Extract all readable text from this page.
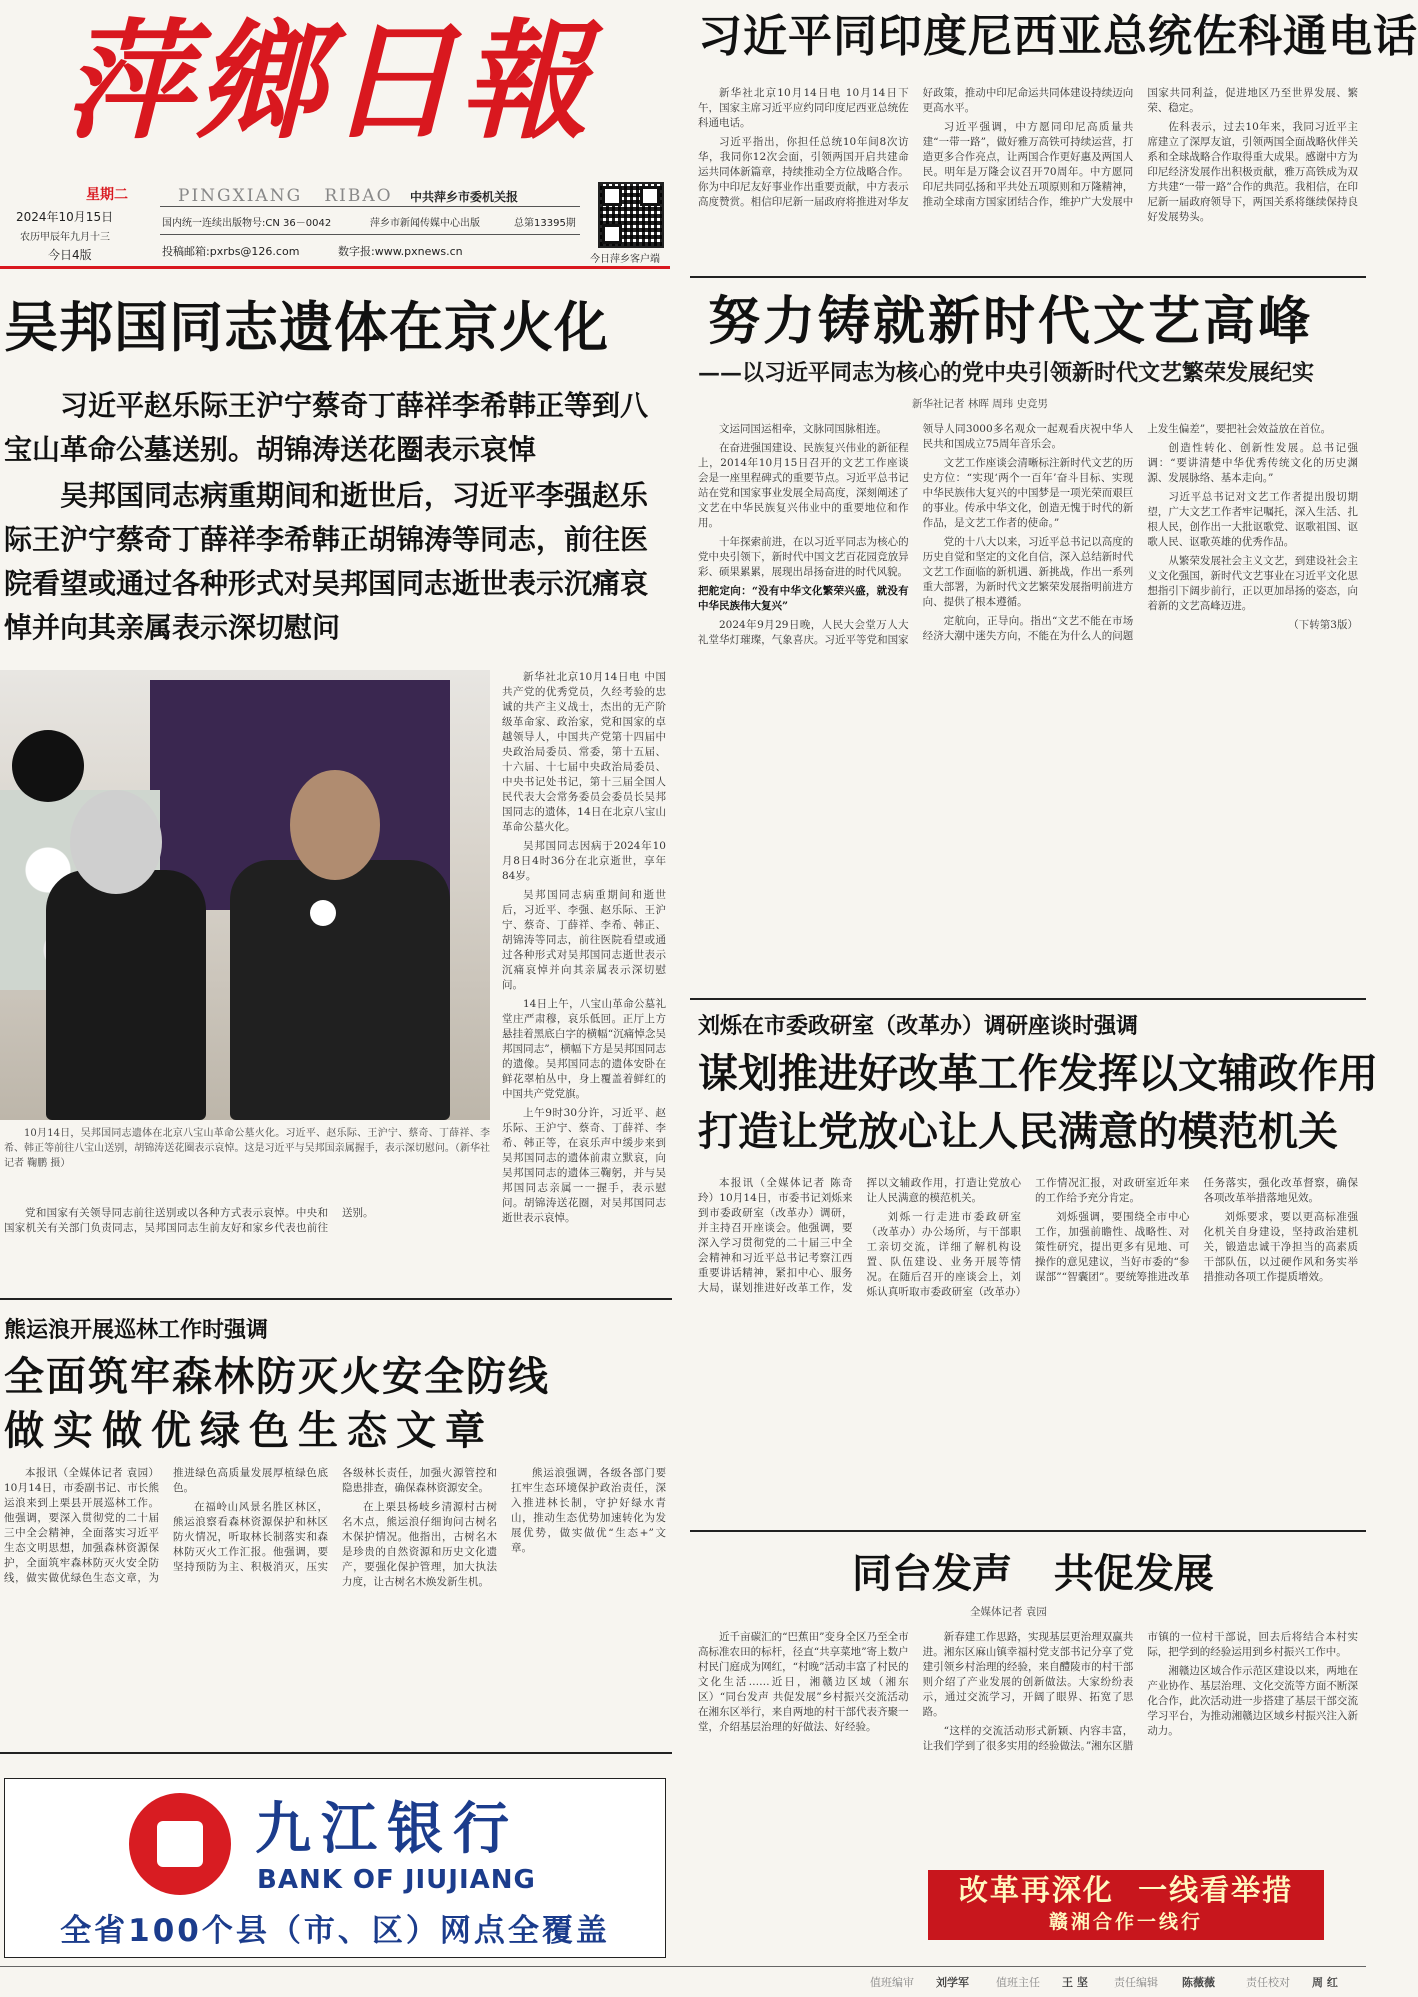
萍鄉日報
星期二
2024年10月15日
农历甲辰年九月十三
今日4版
PINGXIANG   RIBAO 中共萍乡市委机关报
国内统一连续出版物号:CN 36－0042	萍乡市新闻传媒中心出版	总第13395期
投稿邮箱:pxrbs@126.com	数字报:www.pxnews.cn
今日萍乡客户端
习近平同印度尼西亚总统佐科通电话

新华社北京10月14日电 10月14日下午，国家主席习近平应约同印度尼西亚总统佐科通电话。

习近平指出，你担任总统10年间8次访华，我同你12次会面，引领两国开启共建命运共同体新篇章，持续推动全方位战略合作。你为中印尼友好事业作出重要贡献，中方表示高度赞赏。相信印尼新一届政府将推进对华友好政策，推动中印尼命运共同体建设持续迈向更高水平。

习近平强调，中方愿同印尼高质量共建“一带一路”，做好雅万高铁可持续运营，打造更多合作亮点，让两国合作更好惠及两国人民。明年是万隆会议召开70周年。中方愿同印尼共同弘扬和平共处五项原则和万隆精神，推动全球南方国家团结合作，维护广大发展中国家共同利益，促进地区乃至世界发展、繁荣、稳定。

佐科表示，过去10年来，我同习近平主席建立了深厚友谊，引领两国全面战略伙伴关系和全球战略合作取得重大成果。感谢中方为印尼经济发展作出积极贡献，雅万高铁成为双方共建“一带一路”合作的典范。我相信，在印尼新一届政府领导下，两国关系将继续保持良好发展势头。

吴邦国同志遗体在京火化
习近平赵乐际王沪宁蔡奇丁薛祥李希韩正等到八宝山革命公墓送别。胡锦涛送花圈表示哀悼
吴邦国同志病重期间和逝世后，习近平李强赵乐际王沪宁蔡奇丁薛祥李希韩正胡锦涛等同志，前往医院看望或通过各种形式对吴邦国同志逝世表示沉痛哀悼并向其亲属表示深切慰问

新华社北京10月14日电 中国共产党的优秀党员，久经考验的忠诚的共产主义战士，杰出的无产阶级革命家、政治家，党和国家的卓越领导人，中国共产党第十四届中央政治局委员、常委，第十五届、十六届、十七届中央政治局委员、中央书记处书记，第十三届全国人民代表大会常务委员会委员长吴邦国同志的遗体，14日在北京八宝山革命公墓火化。

吴邦国同志因病于2024年10月8日4时36分在北京逝世，享年84岁。

吴邦国同志病重期间和逝世后，习近平、李强、赵乐际、王沪宁、蔡奇、丁薛祥、李希、韩正、胡锦涛等同志，前往医院看望或通过各种形式对吴邦国同志逝世表示沉痛哀悼并向其亲属表示深切慰问。

14日上午，八宝山革命公墓礼堂庄严肃穆，哀乐低回。正厅上方悬挂着黑底白字的横幅“沉痛悼念吴邦国同志”，横幅下方是吴邦国同志的遗像。吴邦国同志的遗体安卧在鲜花翠柏丛中，身上覆盖着鲜红的中国共产党党旗。

上午9时30分许，习近平、赵乐际、王沪宁、蔡奇、丁薛祥、李希、韩正等，在哀乐声中缓步来到吴邦国同志的遗体前肃立默哀，向吴邦国同志的遗体三鞠躬，并与吴邦国同志亲属一一握手，表示慰问。胡锦涛送花圈，对吴邦国同志逝世表示哀悼。

10月14日，吴邦国同志遗体在北京八宝山革命公墓火化。习近平、赵乐际、王沪宁、蔡奇、丁薛祥、李希、韩正等前往八宝山送别，胡锦涛送花圈表示哀悼。这是习近平与吴邦国亲属握手，表示深切慰问。（新华社记者 鞠鹏 摄）
党和国家有关领导同志前往送别或以各种方式表示哀悼。中央和国家机关有关部门负责同志，吴邦国同志生前友好和家乡代表也前往送别。
努力铸就新时代文艺高峰
——以习近平同志为核心的党中央引领新时代文艺繁荣发展纪实
新华社记者 林晖 周玮 史竞男

文运同国运相牵，文脉同国脉相连。

在奋进强国建设、民族复兴伟业的新征程上，2014年10月15日召开的文艺工作座谈会是一座里程碑式的重要节点。习近平总书记站在党和国家事业发展全局高度，深刻阐述了文艺在中华民族复兴伟业中的重要地位和作用。

十年探索前进，在以习近平同志为核心的党中央引领下，新时代中国文艺百花园竞放异彩、硕果累累，展现出昂扬奋进的时代风貌。

把舵定向：“没有中华文化繁荣兴盛，就没有中华民族伟大复兴”

2024年9月29日晚，人民大会堂万人大礼堂华灯璀璨，气象喜庆。习近平等党和国家领导人同3000多名观众一起观看庆祝中华人民共和国成立75周年音乐会。

文艺工作座谈会清晰标注新时代文艺的历史方位：“实现‘两个一百年’奋斗目标、实现中华民族伟大复兴的中国梦是一项光荣而艰巨的事业。传承中华文化，创造无愧于时代的新作品，是文艺工作者的使命。”

党的十八大以来，习近平总书记以高度的历史自觉和坚定的文化自信，深入总结新时代文艺工作面临的新机遇、新挑战，作出一系列重大部署，为新时代文艺繁荣发展指明前进方向、提供了根本遵循。

定航向，正导向。指出“文艺不能在市场经济大潮中迷失方向，不能在为什么人的问题上发生偏差”，要把社会效益放在首位。

创造性转化、创新性发展。总书记强调：“要讲清楚中华优秀传统文化的历史渊源、发展脉络、基本走向。”

习近平总书记对文艺工作者提出殷切期望，广大文艺工作者牢记嘱托，深入生活、扎根人民，创作出一大批讴歌党、讴歌祖国、讴歌人民、讴歌英雄的优秀作品。

从繁荣发展社会主义文艺，到建设社会主义文化强国，新时代文艺事业在习近平文化思想指引下阔步前行，正以更加昂扬的姿态，向着新的文艺高峰迈进。

（下转第3版）

刘烁在市委政研室（改革办）调研座谈时强调
谋划推进好改革工作发挥以文辅政作用
打造让党放心让人民满意的模范机关

本报讯（全媒体记者 陈奇玲）10月14日，市委书记刘烁来到市委政研室（改革办）调研，并主持召开座谈会。他强调，要深入学习贯彻党的二十届三中全会精神和习近平总书记考察江西重要讲话精神，紧扣中心、服务大局，谋划推进好改革工作，发挥以文辅政作用，打造让党放心让人民满意的模范机关。

刘烁一行走进市委政研室（改革办）办公场所，与干部职工亲切交流，详细了解机构设置、队伍建设、业务开展等情况。在随后召开的座谈会上，刘烁认真听取市委政研室（改革办）工作情况汇报，对政研室近年来的工作给予充分肯定。

刘烁强调，要围绕全市中心工作，加强前瞻性、战略性、对策性研究，提出更多有见地、可操作的意见建议，当好市委的“参谋部”“智囊团”。要统筹推进改革任务落实，强化改革督察，确保各项改革举措落地见效。

刘烁要求，要以更高标准强化机关自身建设，坚持政治建机关，锻造忠诚干净担当的高素质干部队伍，以过硬作风和务实举措推动各项工作提质增效。

熊运浪开展巡林工作时强调
全面筑牢森林防灭火安全防线
做实做优绿色生态文章

本报讯（全媒体记者 袁园）10月14日，市委副书记、市长熊运浪来到上栗县开展巡林工作。他强调，要深入贯彻党的二十届三中全会精神，全面落实习近平生态文明思想，加强森林资源保护，全面筑牢森林防灭火安全防线，做实做优绿色生态文章，为推进绿色高质量发展厚植绿色底色。

在福岭山风景名胜区林区，熊运浪察看森林资源保护和林区防火情况，听取林长制落实和森林防灭火工作汇报。他强调，要坚持预防为主、积极消灭，压实各级林长责任，加强火源管控和隐患排查，确保森林资源安全。

在上栗县杨岐乡清源村古树名木点，熊运浪仔细询问古树名木保护情况。他指出，古树名木是珍贵的自然资源和历史文化遗产，要强化保护管理，加大执法力度，让古树名木焕发新生机。

熊运浪强调，各级各部门要扛牢生态环境保护政治责任，深入推进林长制，守护好绿水青山，推动生态优势加速转化为发展优势，做实做优“生态+”文章。

九江银行
BANK OF JIUJIANG
全省100个县（市、区）网点全覆盖
同台发声   共促发展
全媒体记者 袁园

近千亩碳汇的“巴蕉田”变身全区乃至全市高标准农田的标杆，径直“共享菜地”寄上数户村民门庭成为网红，“村晚”活动丰富了村民的文化生活……近日，湘赣边区域（湘东区）“同台发声 共促发展”乡村振兴交流活动在湘东区举行，来自两地的村干部代表齐聚一堂，介绍基层治理的好做法、好经验。

新春建工作思路，实现基层更治理双赢共进。湘东区麻山镇幸福村党支部书记分享了党建引领乡村治理的经验，来自醴陵市的村干部则介绍了产业发展的创新做法。大家纷纷表示，通过交流学习，开阔了眼界、拓宽了思路。

“这样的交流活动形式新颖、内容丰富，让我们学到了很多实用的经验做法。”湘东区腊市镇的一位村干部说，回去后将结合本村实际，把学到的经验运用到乡村振兴工作中。

湘赣边区域合作示范区建设以来，两地在产业协作、基层治理、文化交流等方面不断深化合作，此次活动进一步搭建了基层干部交流学习平台，为推动湘赣边区域乡村振兴注入新动力。

改革再深化  一线看举措
赣湘合作一线行
值班编审 刘学军 值班主任 王 坚 责任编辑 陈薇薇	责任校对 周 红
